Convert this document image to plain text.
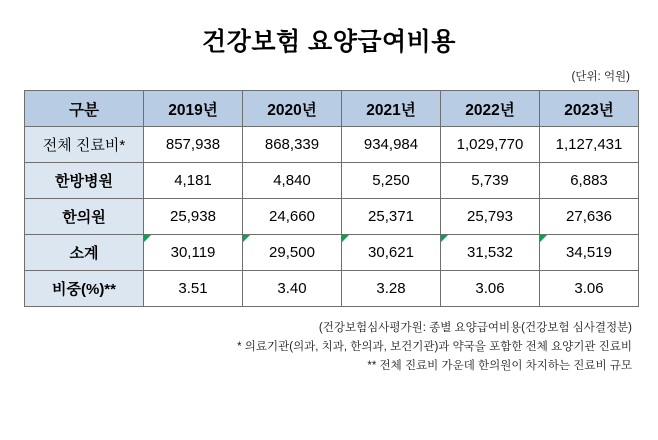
건강보험 요양급여비용
(단위: 억원)
구분	2019년	2020년	2021년	2022년	2023년
전체 진료비*	857,938	868,339	934,984	1,029,770	1,127,431
한방병원	4,181	4,840	5,250	5,739	6,883
한의원	25,938	24,660	25,371	25,793	27,636
소계	30,119	29,500	30,621	31,532	34,519
비중(%)**	3.51	3.40	3.28	3.06	3.06
(건강보험심사평가원: 종별 요양급여비용(건강보험 심사결정분)
* 의료기관(의과, 치과, 한의과, 보건기관)과 약국을 포함한 전체 요양기관 진료비
** 전체 진료비 가운데 한의원이 차지하는 진료비 규모
